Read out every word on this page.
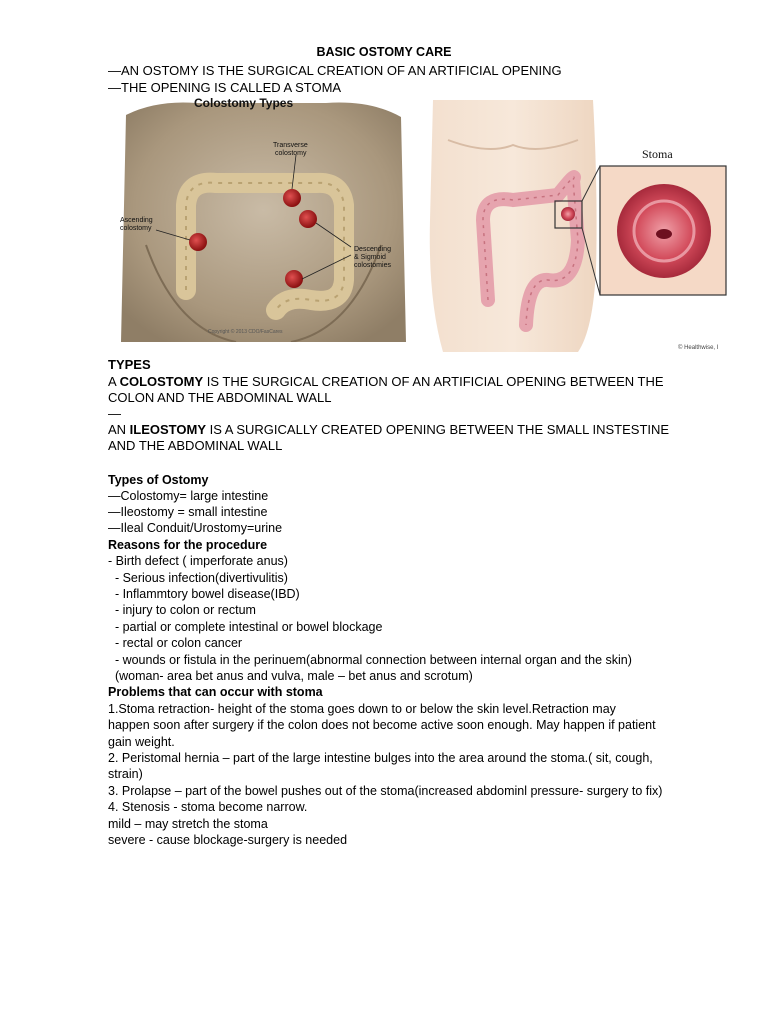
BASIC OSTOMY CARE
—AN OSTOMY IS THE SURGICAL CREATION OF AN ARTIFICIAL OPENING
—THE OPENING IS CALLED A STOMA
Colostomy Types
Transverse
colostomy
Ascending
colostomy
Descending
& Sigmoid
colostomies
Copyright © 2013 CDO/FasCares
Stoma
© Healthwise, I
TYPES
A COLOSTOMY IS THE SURGICAL CREATION OF AN ARTIFICIAL OPENING BETWEEN THE
COLON AND THE ABDOMINAL WALL
—
AN ILEOSTOMY IS A SURGICALLY CREATED OPENING BETWEEN THE SMALL INSTESTINE
AND THE ABDOMINAL WALL
Types of Ostomy
—Colostomy= large intestine
—Ileostomy = small intestine
—Ileal Conduit/Urostomy=urine
Reasons for the procedure
- Birth defect ( imperforate anus)
- Serious infection(divertivulitis)
- Inflammtory bowel disease(IBD)
- injury to colon or rectum
- partial or complete intestinal or bowel blockage
- rectal or colon cancer
- wounds or fistula in the perinuem(abnormal connection between internal organ and the skin)
(woman- area bet anus and vulva, male – bet anus and scrotum)
Problems that can occur with stoma
1.Stoma retraction- height of the stoma goes down to or below the skin level.Retraction may
happen soon after surgery if the colon does not become active soon enough. May happen if patient
gain weight.
2. Peristomal hernia – part of the large intestine bulges into the area around the stoma.( sit, cough,
strain)
3. Prolapse – part of the bowel pushes out of the stoma(increased abdominl pressure- surgery to fix)
4. Stenosis - stoma become narrow.
mild – may stretch the stoma
severe - cause blockage-surgery is needed
